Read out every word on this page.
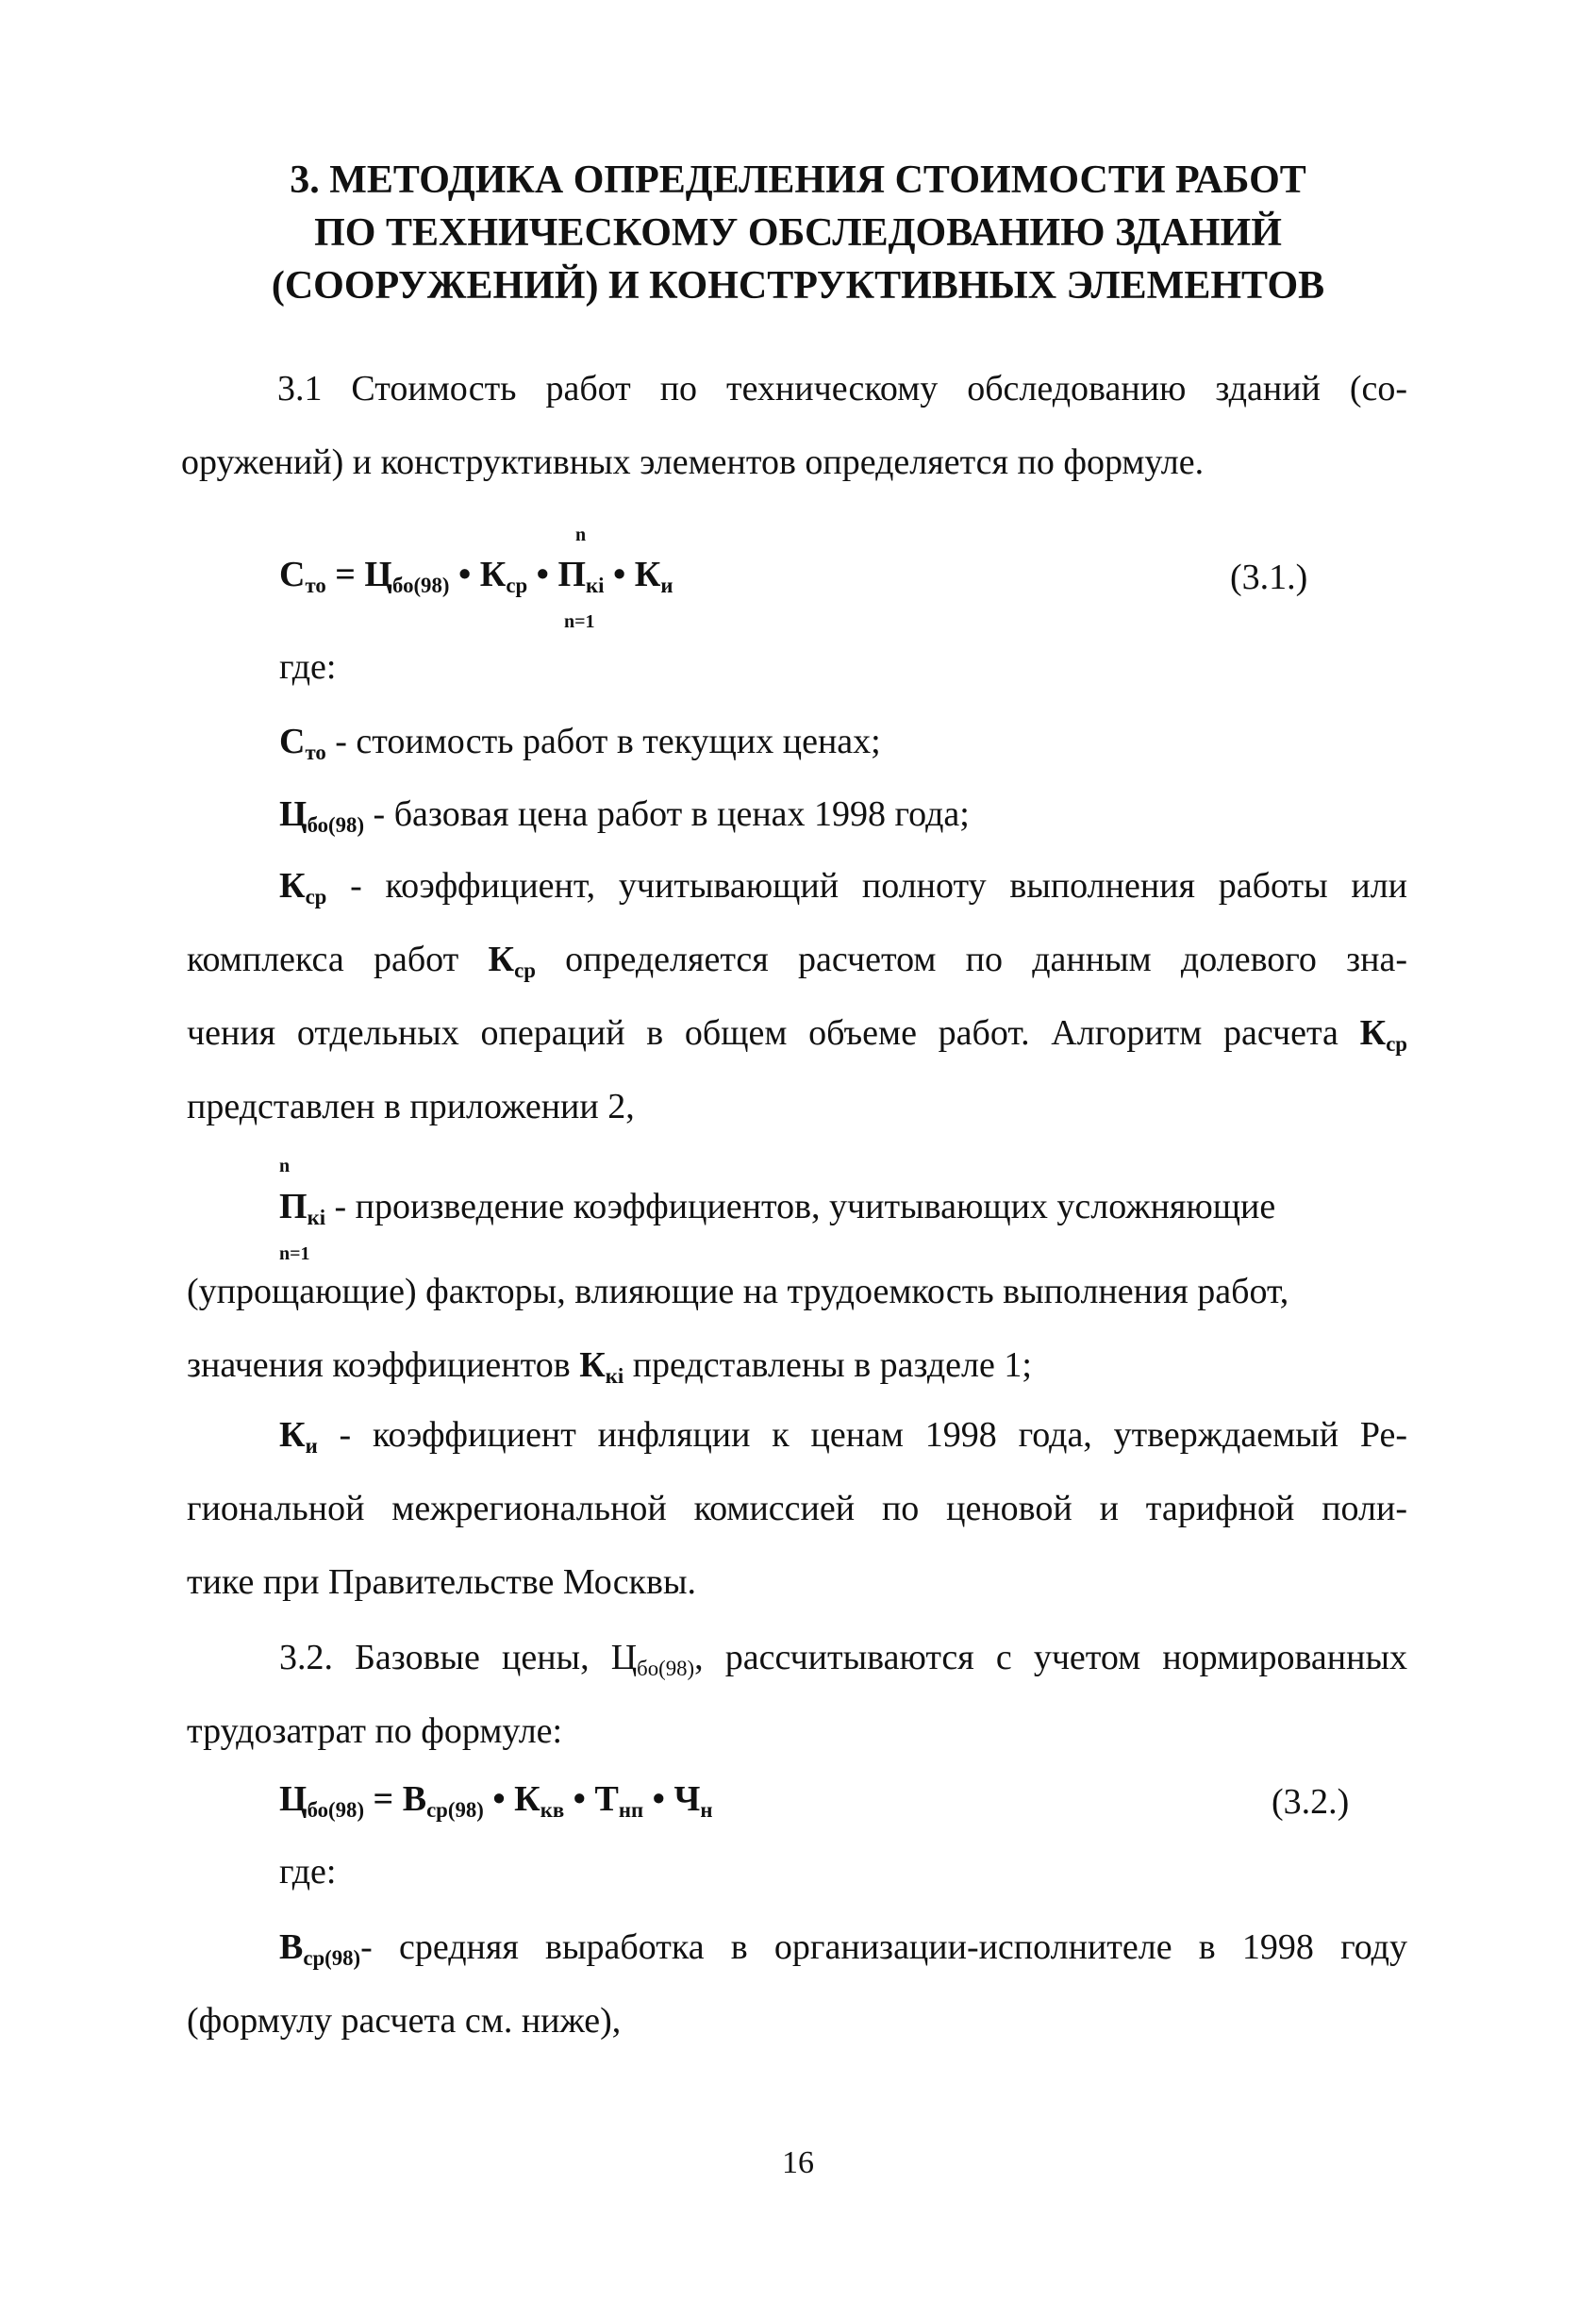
3. МЕТОДИКА ОПРЕДЕЛЕНИЯ СТОИМОСТИ РАБОТ
ПО ТЕХНИЧЕСКОМУ ОБСЛЕДОВАНИЮ ЗДАНИЙ
(СООРУЖЕНИЙ) И КОНСТРУКТИВНЫХ ЭЛЕМЕНТОВ
3.1 Стоимость работ по техническому обследованию зданий (со-
оружений) и конструктивных элементов определяется по формуле.
$С_{то} = Ц_{бо(98)}$ • $К_{ср}$ • $П_{кі}$ • $К_и$
n
n=1
(3.1.)
где:
$С_{то}$ - стоимость работ в текущих ценах;
$Ц_{бо(98)}$ - базовая цена работ в ценах 1998 года;
$К_{ср}$ - коэффициент, учитывающий полноту выполнения работы или
комплекса работ $К_{ср}$ определяется расчетом по данным долевого зна-
чения отдельных операций в общем объеме работ. Алгоритм расчета $К_{ср}$
представлен в приложении 2,
n
$П_{кі}$ - произведение коэффициентов, учитывающих усложняющие
n=1
(упрощающие) факторы, влияющие на трудоемкость выполнения работ,
значения коэффициентов $К_{кі}$ представлены в разделе 1;
$К_и$ - коэффициент инфляции к ценам 1998 года, утверждаемый Ре-
гиональной межрегиональной комиссией по ценовой и тарифной поли-
тике при Правительстве Москвы.
3.2. Базовые цены, $Ц_{бо(98)}$, рассчитываются с учетом нормированных
трудозатрат по формуле:
$Ц_{бо(98)} = В_{ср(98)}$ • $К_{кв}$ • $Т_{нп}$ • $Ч_н$	(3.2.)
где:
$В_{ср(98)}-$ средняя выработка в организации-исполнителе в 1998 году
(формулу расчета см. ниже),
16
